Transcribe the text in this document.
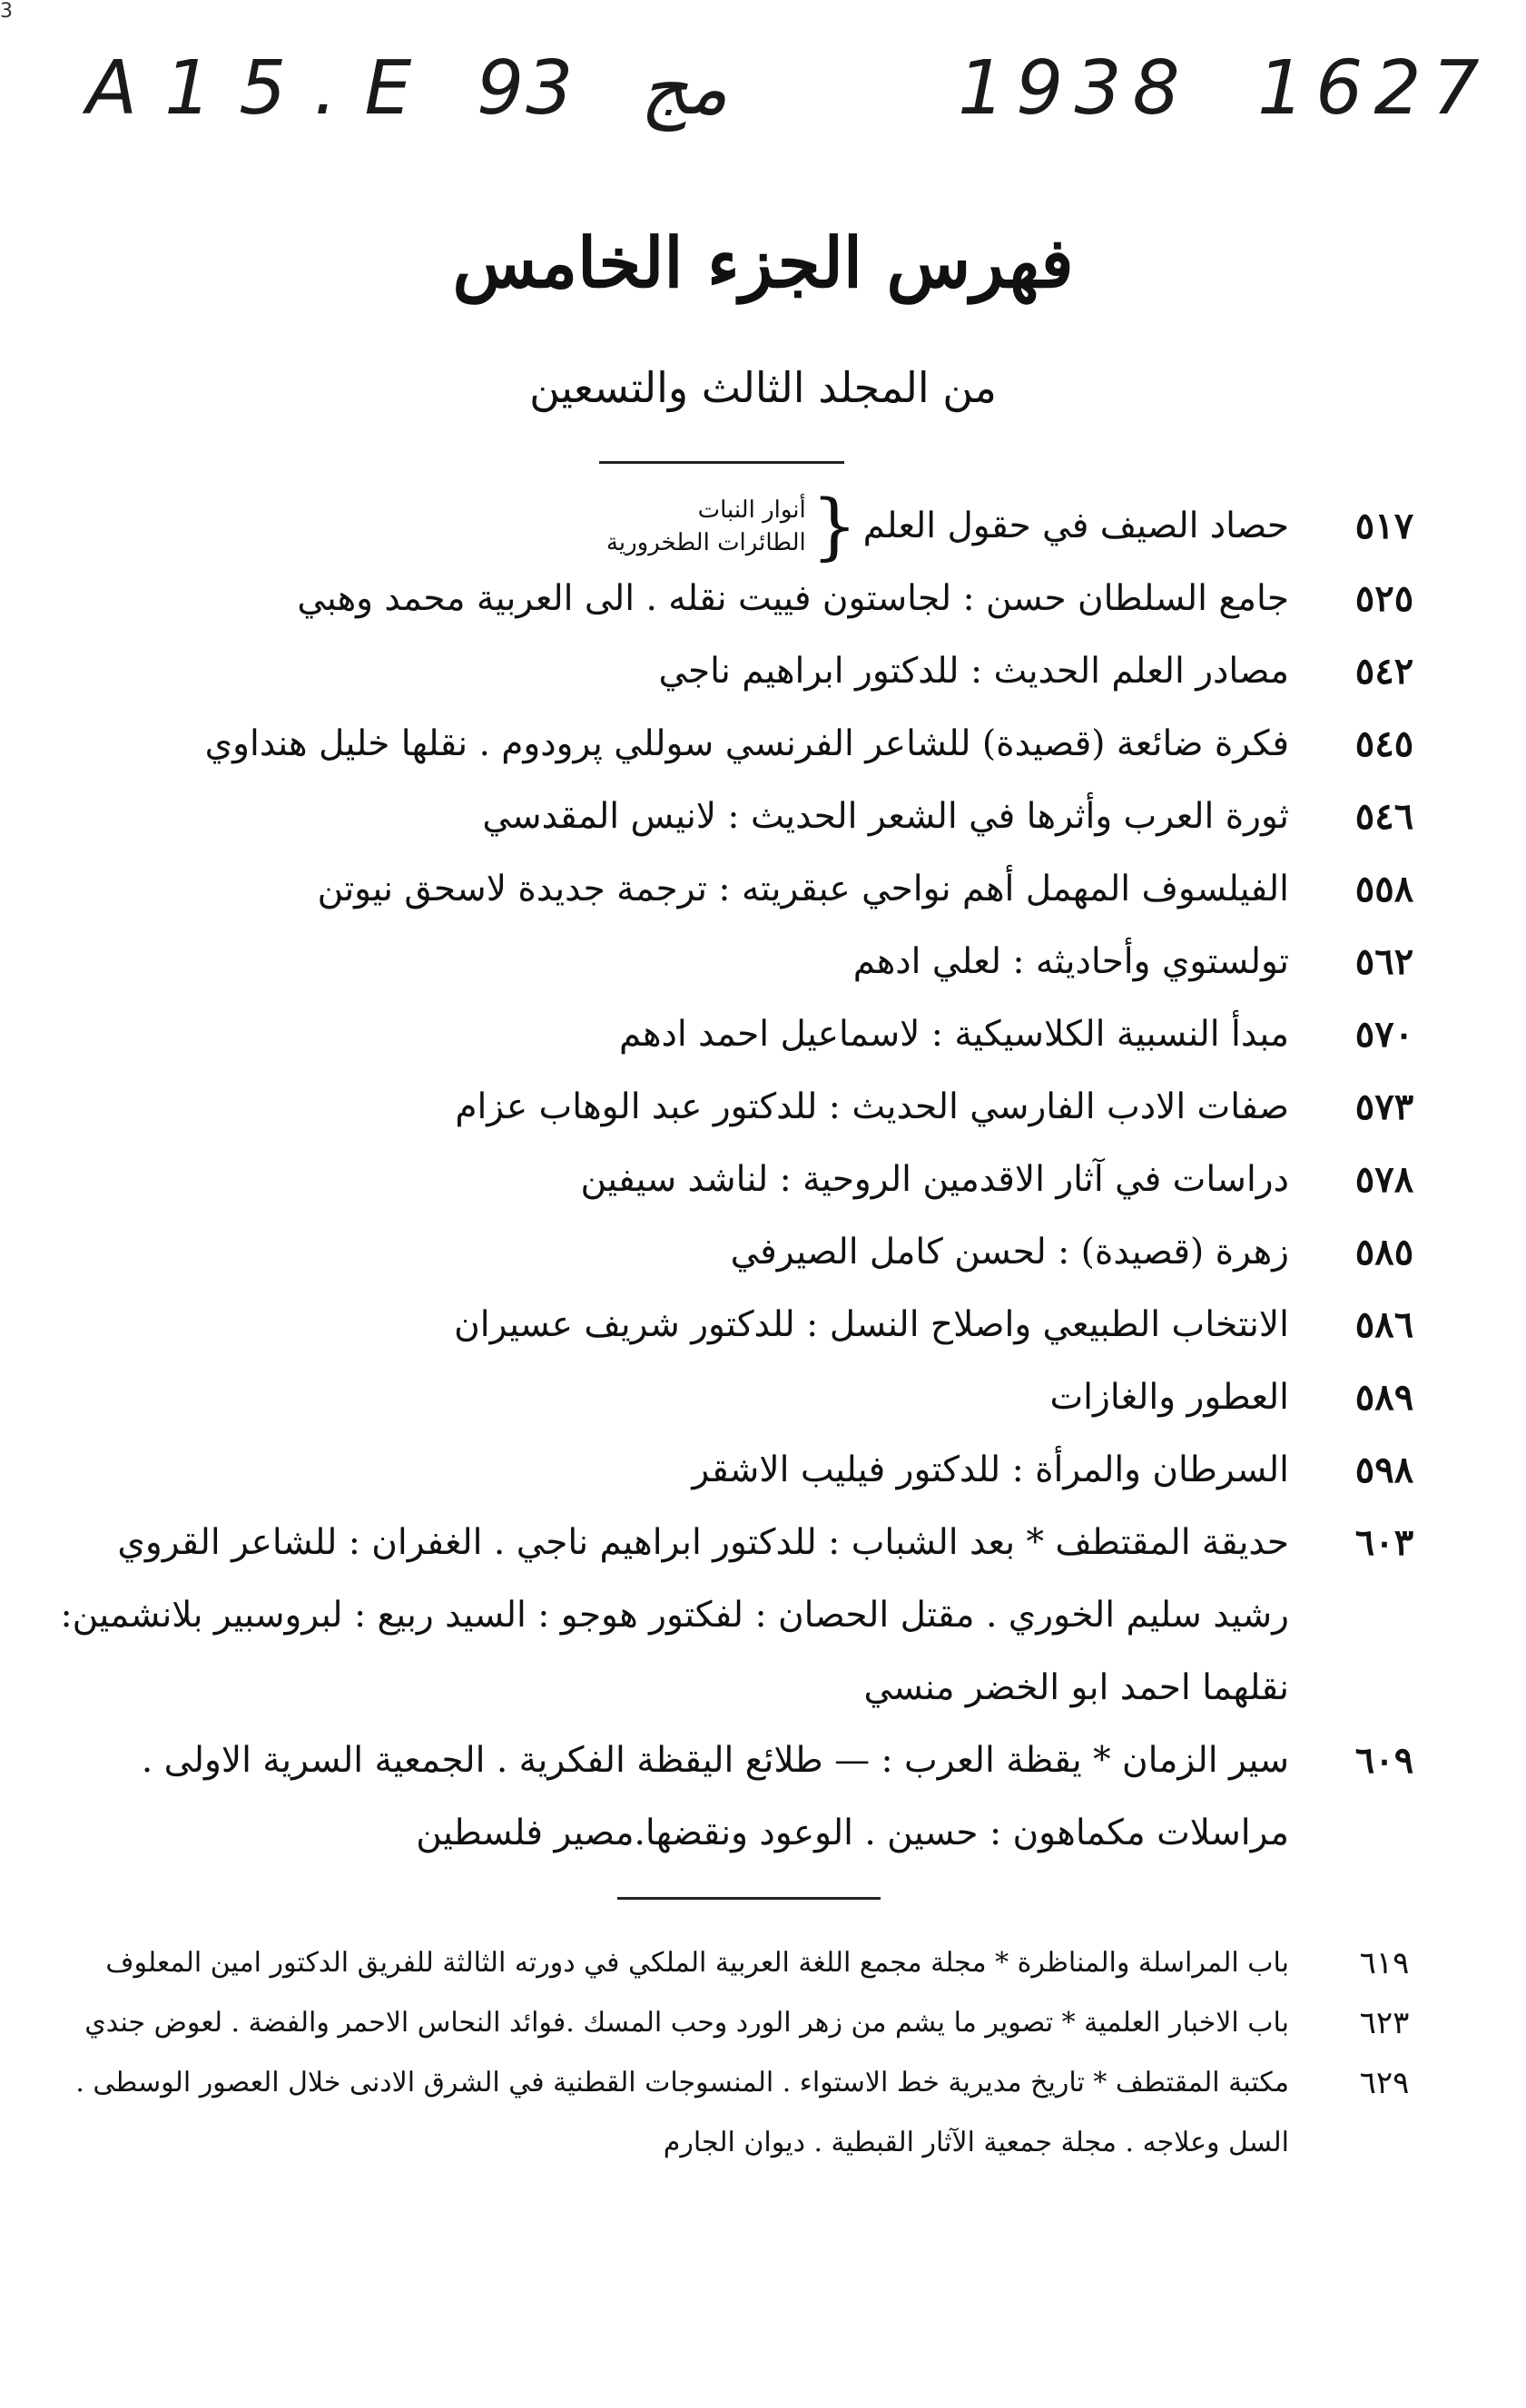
3
A15.E 93 مج	1938 1627
فهرس الجزء الخامس
من المجلد الثالث والتسعين
٥١٧
حصاد الصيف في حقول العلم
{
أنوار النبات
الطائرات الطخرورية
٥٢٥
جامع السلطان حسن : لجاستون فييت نقله . الى العربية محمد وهبي
٥٤٢
مصادر العلم الحديث : للدكتور ابراهيم ناجي
٥٤٥
فكرة ضائعة (قصيدة) للشاعر الفرنسي سوللي پرودوم . نقلها خليل هنداوي
٥٤٦
ثورة العرب وأثرها في الشعر الحديث : لانيس المقدسي
٥٥٨
الفيلسوف المهمل أهم نواحي عبقريته : ترجمة جديدة لاسحق نيوتن
٥٦٢
تولستوي وأحاديثه : لعلي ادهم
٥٧٠
مبدأ النسبية الكلاسيكية : لاسماعيل احمد ادهم
٥٧٣
صفات الادب الفارسي الحديث : للدكتور عبد الوهاب عزام
٥٧٨
دراسات في آثار الاقدمين الروحية : لناشد سيفين
٥٨٥
زهرة (قصيدة) : لحسن كامل الصيرفي
٥٨٦
الانتخاب الطبيعي واصلاح النسل : للدكتور شريف عسيران
٥٨٩
العطور والغازات
٥٩٨
السرطان والمرأة : للدكتور فيليب الاشقر
٦٠٣
حديقة المقتطف * بعد الشباب : للدكتور ابراهيم ناجي . الغفران : للشاعر القروي رشيد سليم الخوري . مقتل الحصان : لفكتور هوجو : السيد ربيع : لبروسبير بلانشمين: نقلهما احمد ابو الخضر منسي
٦٠٩
سير الزمان * يقظة العرب : — طلائع اليقظة الفكرية . الجمعية السرية الاولى . مراسلات مكماهون : حسين . الوعود ونقضها.مصير فلسطين
٦١٩
باب المراسلة والمناظرة * مجلة مجمع اللغة العربية الملكي في دورته الثالثة للفريق الدكتور امين المعلوف
٦٢٣
باب الاخبار العلمية * تصوير ما يشم من زهر الورد وحب المسك .فوائد النحاس الاحمر والفضة . لعوض جندي
٦٢٩
مكتبة المقتطف * تاريخ مديرية خط الاستواء . المنسوجات القطنية في الشرق الادنى خلال العصور الوسطى . السل وعلاجه . مجلة جمعية الآثار القبطية . ديوان الجارم
